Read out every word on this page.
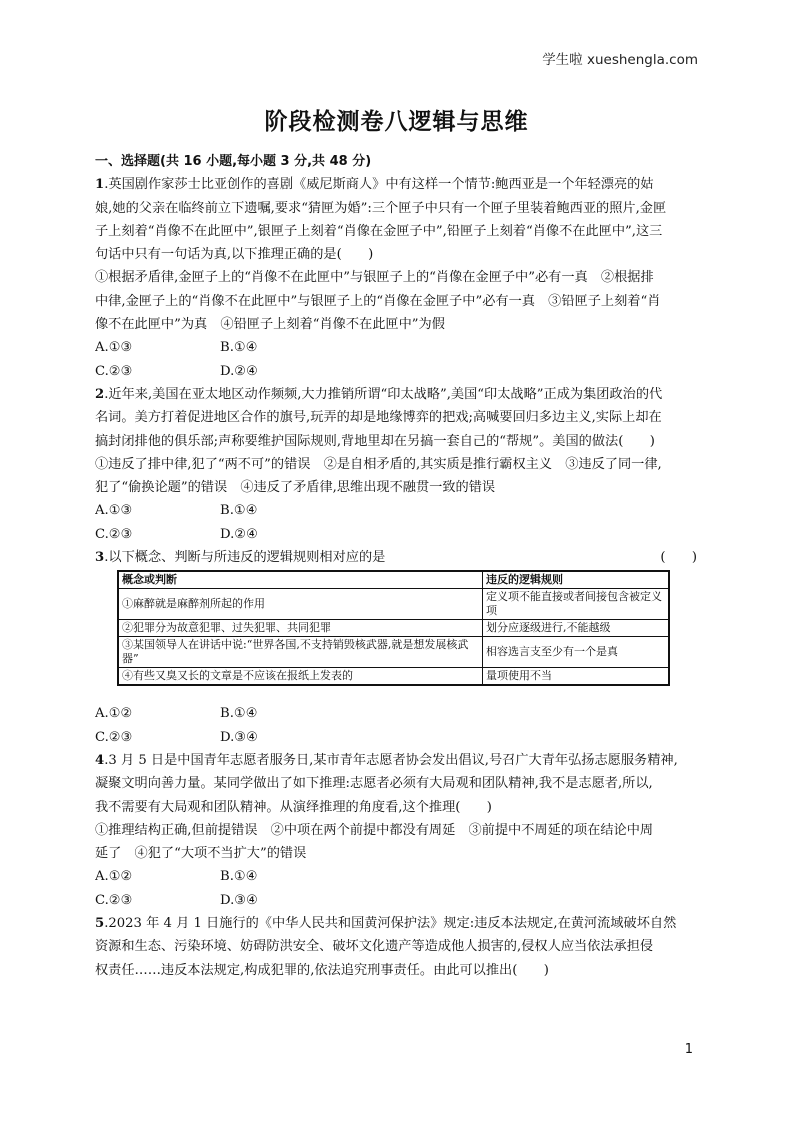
学生啦 xueshengla.com
阶段检测卷八逻辑与思维
一、选择题(共 16 小题,每小题 3 分,共 48 分)
1.英国剧作家莎士比亚创作的喜剧《威尼斯商人》中有这样一个情节:鲍西亚是一个年轻漂亮的姑
娘,她的父亲在临终前立下遗嘱,要求“猜匣为婚”:三个匣子中只有一个匣子里装着鲍西亚的照片,金匣
子上刻着“肖像不在此匣中”,银匣子上刻着“肖像在金匣子中”,铅匣子上刻着“肖像不在此匣中”,这三
句话中只有一句话为真,以下推理正确的是(　　)
①根据矛盾律,金匣子上的“肖像不在此匣中”与银匣子上的“肖像在金匣子中”必有一真　②根据排
中律,金匣子上的“肖像不在此匣中”与银匣子上的“肖像在金匣子中”必有一真　③铅匣子上刻着“肖
像不在此匣中”为真　④铅匣子上刻着“肖像不在此匣中”为假
A.①③	B.①④
C.②③	D.②④
2.近年来,美国在亚太地区动作频频,大力推销所谓“印太战略”,美国“印太战略”正成为集团政治的代
名词。美方打着促进地区合作的旗号,玩弄的却是地缘博弈的把戏;高喊要回归多边主义,实际上却在
搞封闭排他的俱乐部;声称要维护国际规则,背地里却在另搞一套自己的“帮规”。美国的做法(　　)
①违反了排中律,犯了“两不可”的错误　②是自相矛盾的,其实质是推行霸权主义　③违反了同一律,
犯了“偷换论题”的错误　④违反了矛盾律,思维出现不融贯一致的错误
A.①③	B.①④
C.②③	D.②④
3.以下概念、判断与所违反的逻辑规则相对应的是	(　　)
概念或判断	违反的逻辑规则
①麻醉就是麻醉剂所起的作用	定义项不能直接或者间接包含被定义项
②犯罪分为故意犯罪、过失犯罪、共同犯罪	划分应逐级进行,不能越级
③某国领导人在讲话中说:“世界各国,不支持销毁核武器,就是想发展核武器”	相容选言支至少有一个是真
④有些又臭又长的文章是不应该在报纸上发表的	量项使用不当
A.①②	B.①④
C.②③	D.③④
4.3 月 5 日是中国青年志愿者服务日,某市青年志愿者协会发出倡议,号召广大青年弘扬志愿服务精神,
凝聚文明向善力量。某同学做出了如下推理:志愿者必须有大局观和团队精神,我不是志愿者,所以,
我不需要有大局观和团队精神。从演绎推理的角度看,这个推理(　　)
①推理结构正确,但前提错误　②中项在两个前提中都没有周延　③前提中不周延的项在结论中周
延了　④犯了“大项不当扩大”的错误
A.①②	B.①④
C.②③	D.③④
5.2023 年 4 月 1 日施行的《中华人民共和国黄河保护法》规定:违反本法规定,在黄河流域破坏自然
资源和生态、污染环境、妨碍防洪安全、破坏文化遗产等造成他人损害的,侵权人应当依法承担侵
权责任……违反本法规定,构成犯罪的,依法追究刑事责任。由此可以推出(　　)
1
